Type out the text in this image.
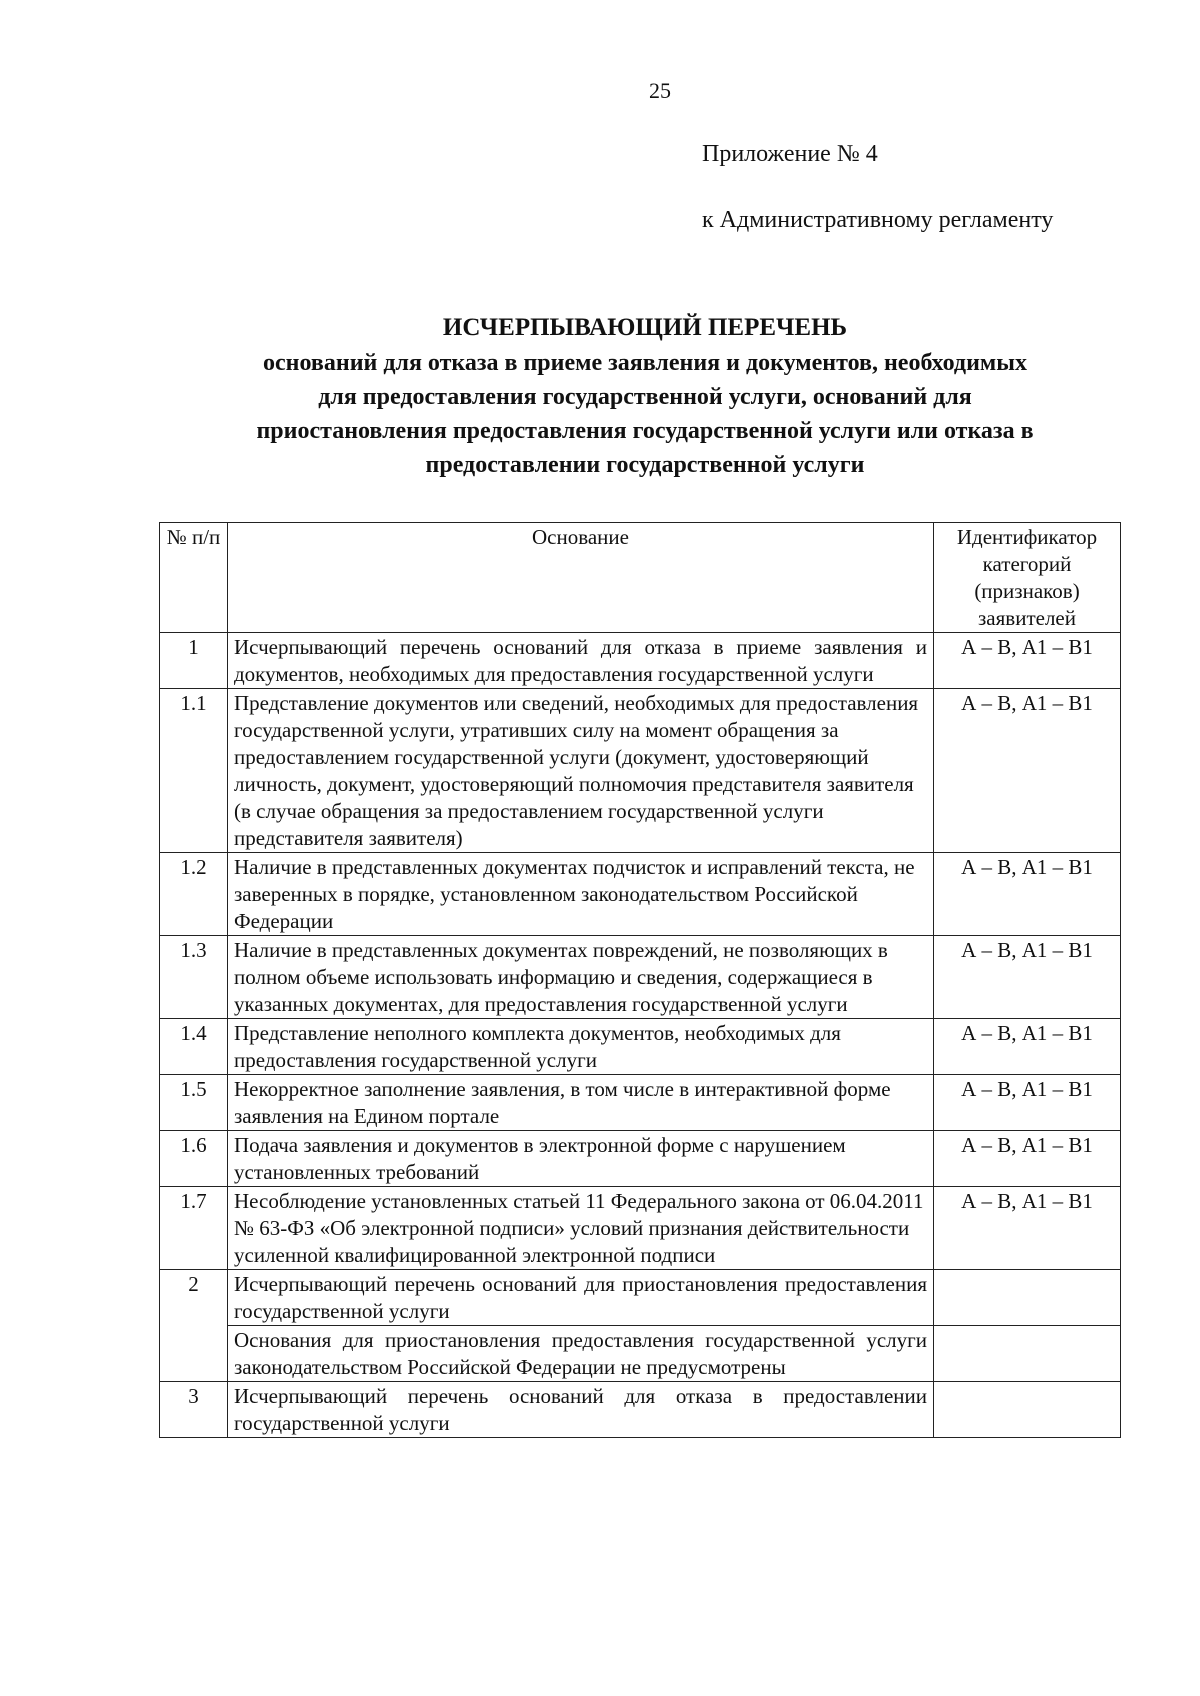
25
Приложение № 4
к Административному регламенту
ИСЧЕРПЫВАЮЩИЙ ПЕРЕЧЕНЬ
оснований для отказа в приеме заявления и документов, необходимых
для предоставления государственной услуги, оснований для
приостановления предоставления государственной услуги или отказа в
предоставлении государственной услуги
№ п/п	Основание	Идентификатор категорий (признаков) заявителей
1	Исчерпывающий перечень оснований для отказа в приеме заявления и документов, необходимых для предоставления государственной услуги	А – В, А1 – В1
1.1	Представление документов или сведений, необходимых для предоставления государственной услуги, утративших силу на момент обращения за предоставлением государственной услуги (документ, удостоверяющий личность, документ, удостоверяющий полномочия представителя заявителя (в случае обращения за предоставлением государственной услуги представителя заявителя)	А – В, А1 – В1
1.2	Наличие в представленных документах подчисток и исправлений текста, не заверенных в порядке, установленном законодательством Российской Федерации	А – В, А1 – В1
1.3	Наличие в представленных документах повреждений, не позволяющих в полном объеме использовать информацию и сведения, содержащиеся в указанных документах, для предоставления государственной услуги	А – В, А1 – В1
1.4	Представление неполного комплекта документов, необходимых для предоставления государственной услуги	А – В, А1 – В1
1.5	Некорректное заполнение заявления, в том числе в интерактивной форме заявления на Едином портале	А – В, А1 – В1
1.6	Подача заявления и документов в электронной форме с нарушением установленных требований	А – В, А1 – В1
1.7	Несоблюдение установленных статьей 11 Федерального закона от 06.04.2011 № 63-ФЗ «Об электронной подписи» условий признания действительности усиленной квалифицированной электронной подписи	А – В, А1 – В1
2	Исчерпывающий перечень оснований для приостановления предоставления государственной услуги	
	Основания для приостановления предоставления государственной услуги законодательством Российской Федерации не предусмотрены	
3	Исчерпывающий перечень оснований для отказа в предоставлении государственной услуги	
